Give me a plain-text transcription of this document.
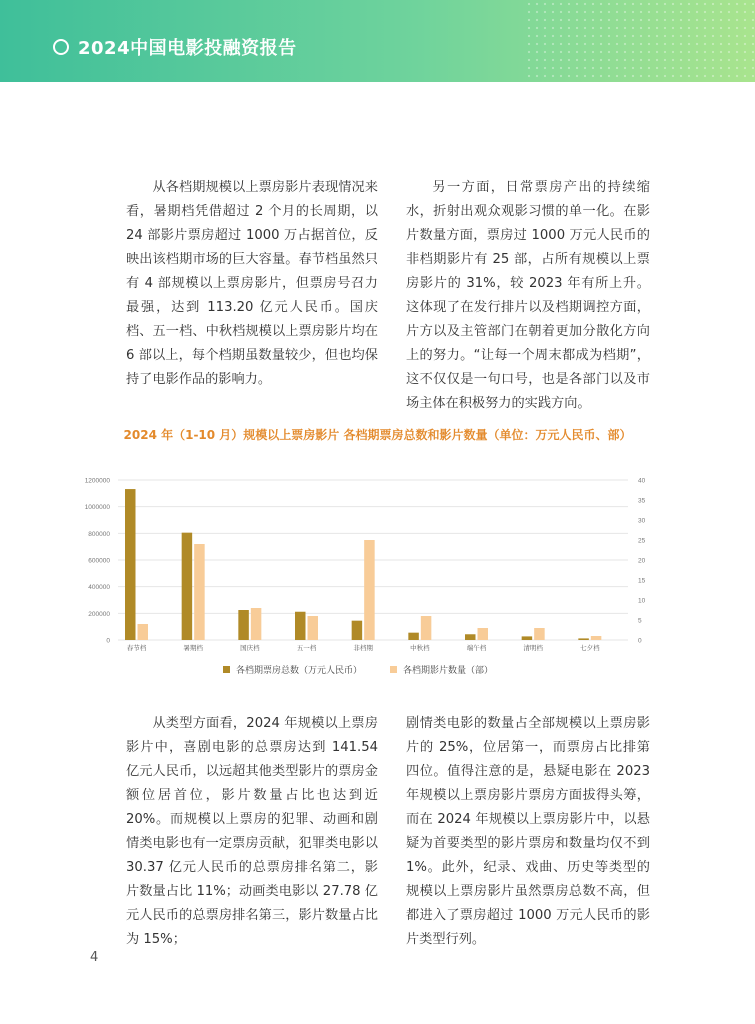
2024中国电影投融资报告

从各档期规模以上票房影片表现情况来看，暑期档凭借超过 2 个月的长周期，以 24 部影片票房超过 1000 万占据首位，反映出该档期市场的巨大容量。春节档虽然只有 4 部规模以上票房影片，但票房号召力最强，达到 113.20 亿元人民币。国庆档、五一档、中秋档规模以上票房影片均在 6 部以上，每个档期虽数量较少，但也均保持了电影作品的影响力。

另一方面，日常票房产出的持续缩水，折射出观众观影习惯的单一化。在影片数量方面，票房过 1000 万元人民币的非档期影片有 25 部，占所有规模以上票房影片的 31%，较 2023 年有所上升。这体现了在发行排片以及档期调控方面，片方以及主管部门在朝着更加分散化方向上的努力。“让每一个周末都成为档期”，这不仅仅是一句口号，也是各部门以及市场主体在积极努力的实践方向。

2024 年（1-10 月）规模以上票房影片 各档期票房总数和影片数量（单位：万元人民币、部）
0
200000
400000
600000
800000
1000000
1200000
0
5
10
15
20
25
30
35
40
春节档	暑期档	国庆档	五一档	非档期	中秋档	端午档	清明档	七夕档
各档期票房总数（万元人民币）	各档期影片数量（部）

从类型方面看，2024 年规模以上票房影片中，喜剧电影的总票房达到 141.54 亿元人民币，以远超其他类型影片的票房金额位居首位，影片数量占比也达到近 20%。而规模以上票房的犯罪、动画和剧情类电影也有一定票房贡献，犯罪类电影以 30.37 亿元人民币的总票房排名第二，影片数量占比 11%；动画类电影以 27.78 亿元人民币的总票房排名第三，影片数量占比为 15%；

剧情类电影的数量占全部规模以上票房影片的 25%，位居第一，而票房占比排第四位。值得注意的是，悬疑电影在 2023 年规模以上票房影片票房方面拔得头筹，而在 2024 年规模以上票房影片中，以悬疑为首要类型的影片票房和数量均仅不到 1%。此外，纪录、戏曲、历史等类型的规模以上票房影片虽然票房总数不高，但都进入了票房超过 1000 万元人民币的影片类型行列。

4
